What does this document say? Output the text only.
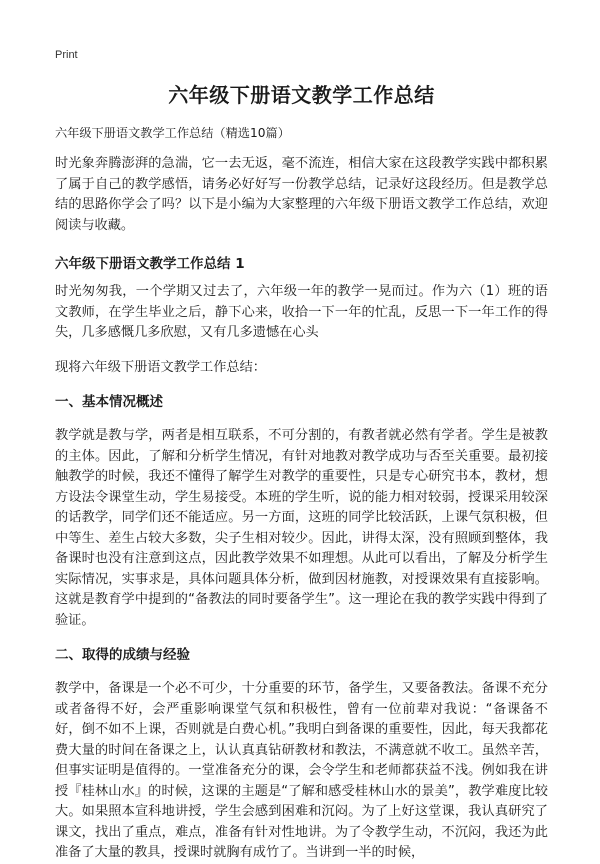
Print
六年级下册语文教学工作总结
六年级下册语文教学工作总结（精选10篇）

时光象奔腾澎湃的急湍，它一去无返，毫不流连，相信大家在这段教学实践中都积累了属于自己的教学感悟，请务必好好写一份教学总结，记录好这段经历。但是教学总结的思路你学会了吗？以下是小编为大家整理的六年级下册语文教学工作总结，欢迎阅读与收藏。

六年级下册语文教学工作总结 1

时光匆匆我，一个学期又过去了，六年级一年的教学一晃而过。作为六（1）班的语文教师，在学生毕业之后，静下心来，收拾一下一年的忙乱，反思一下一年工作的得失，几多感慨几多欣慰，又有几多遗憾在心头

现将六年级下册语文教学工作总结：

一、基本情况概述

教学就是教与学，两者是相互联系，不可分割的，有教者就必然有学者。学生是被教的主体。因此，了解和分析学生情况，有针对地教对教学成功与否至关重要。最初接触教学的时候，我还不懂得了解学生对教学的重要性，只是专心研究书本，教材，想方设法令课堂生动，学生易接受。本班的学生听，说的能力相对较弱，授课采用较深的话教学，同学们还不能适应。另一方面，这班的同学比较活跃，上课气氛积极，但中等生、差生占较大多数，尖子生相对较少。因此，讲得太深，没有照顾到整体，我备课时也没有注意到这点，因此教学效果不如理想。从此可以看出，了解及分析学生实际情况，实事求是，具体问题具体分析，做到因材施教，对授课效果有直接影响。这就是教育学中提到的“备教法的同时要备学生”。这一理论在我的教学实践中得到了验证。

二、取得的成绩与经验

教学中，备课是一个必不可少，十分重要的环节，备学生，又要备教法。备课不充分或者备得不好，会严重影响课堂气氛和积极性，曾有一位前辈对我说：“备课备不好，倒不如不上课，否则就是白费心机。”我明白到备课的重要性，因此，每天我都花费大量的时间在备课之上，认认真真钻研教材和教法，不满意就不收工。虽然辛苦，但事实证明是值得的。一堂准备充分的课，会令学生和老师都获益不浅。例如我在讲授『桂林山水』的时候，这课的主题是“了解和感受桂林山水的景美”，教学难度比较大。如果照本宣科地讲授，学生会感到困难和沉闷。为了上好这堂课，我认真研究了课文，找出了重点，难点，准备有针对性地讲。为了令教学生动，不沉闷，我还为此准备了大量的教具，授课时就胸有成竹了。当讲到一半的时候，
